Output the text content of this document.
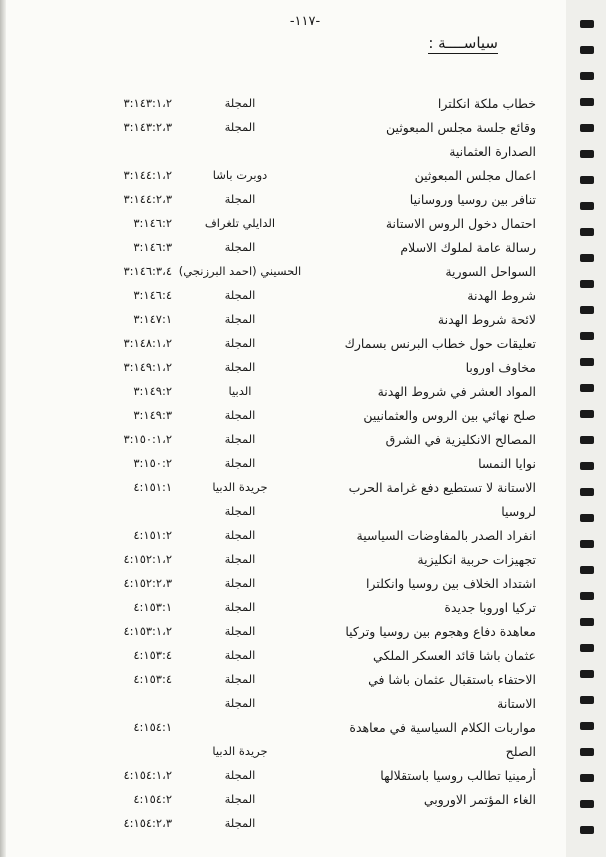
-١١٧-
سياســــة :
خطاب ملكة انكلترا
المجلة
٣:١٤٣:١،٢
وقائع جلسة مجلس المبعوثين
المجلة
٣:١٤٣:٢،٣
الصدارة العثمانية
اعمال مجلس المبعوثين
دوبرت باشا
٣:١٤٤:١،٢
تنافر بين روسيا وروسانيا
المجلة
٣:١٤٤:٢،٣
احتمال دخول الروس الاستانة
الدايلي تلغراف
٣:١٤٦:٢
رسالة عامة لملوك الاسلام
المجلة
٣:١٤٦:٣
السواحل السورية
الحسيني (احمد البرزنجي)
٣:١٤٦:٣،٤
شروط الهدنة
المجلة
٣:١٤٦:٤
لائحة شروط الهدنة
المجلة
٣:١٤٧:١
تعليقات حول خطاب البرنس بسمارك
المجلة
٣:١٤٨:١،٢
مخاوف اوروبا
المجلة
٣:١٤٩:١،٢
المواد العشر في شروط الهدنة
الدبيا
٣:١٤٩:٢
صلح نهائي بين الروس والعثمانيين
المجلة
٣:١٤٩:٣
المصالح الانكليزية في الشرق
المجلة
٣:١٥٠:١،٢
نوايا النمسا
المجلة
٣:١٥٠:٢
الاستانة لا تستطيع دفع غرامة الحرب
جريدة الدبيا
٤:١٥١:١
لروسيا
المجلة
انفراد الصدر بالمفاوضات السياسية
المجلة
٤:١٥١:٢
تجهيزات حربية انكليزية
المجلة
٤:١٥٢:١،٢
اشتداد الخلاف بين روسيا وانكلترا
المجلة
٤:١٥٢:٢،٣
تركيا اوروبا جديدة
المجلة
٤:١٥٣:١
معاهدة دفاع وهجوم بين روسيا وتركيا
المجلة
٤:١٥٣:١،٢
عثمان باشا قائد العسكر الملكي
المجلة
٤:١٥٣:٤
الاحتفاء باستقبال عثمان باشا في
المجلة
٤:١٥٣:٤
الاستانة
المجلة
مواربات الكلام السياسية في معاهدة
٤:١٥٤:١
الصلح
جريدة الدبيا
أرمينيا تطالب روسيا باستقلالها
المجلة
٤:١٥٤:١،٢
الغاء المؤتمر الاوروبي
المجلة
٤:١٥٤:٢
المجلة
٤:١٥٤:٢،٣
